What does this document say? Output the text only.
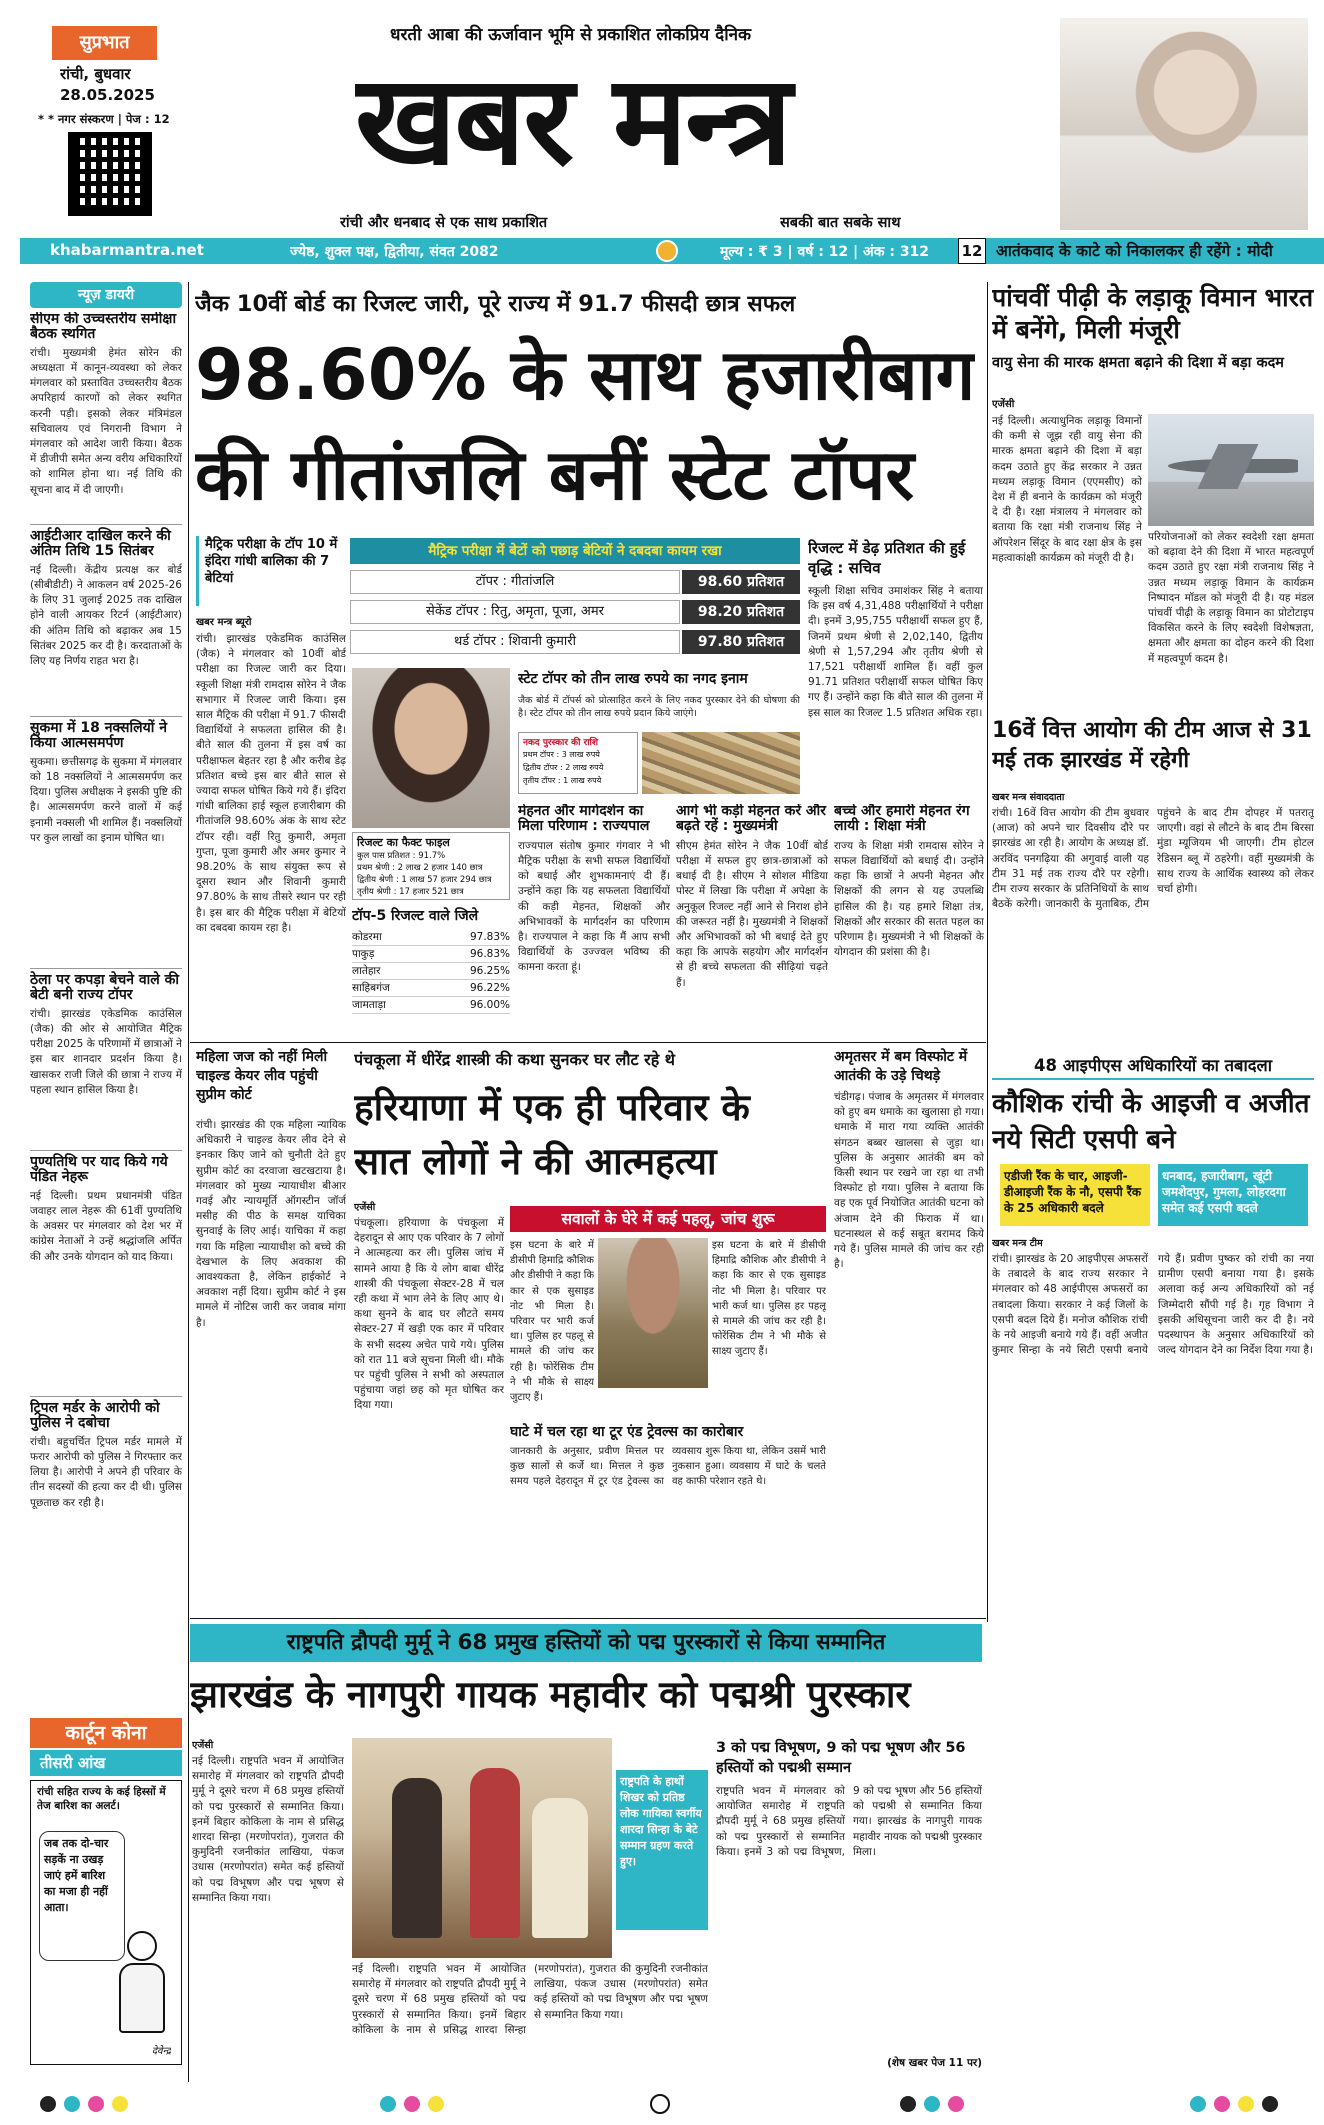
सुप्रभात
रांची, बुधवार
28.05.2025
* * नगर संस्करण | पेज : 12
धरती आबा की ऊर्जावान भूमि से प्रकाशित लोकप्रिय दैनिक
खबर मन्त्र
रांची और धनबाद से एक साथ प्रकाशित	सबकी बात सबके साथ
khabarmantra.net	ज्येष्ठ, शुक्ल पक्ष, द्वितीया, संवत 2082	मूल्य : ₹ 3 | वर्ष : 12 | अंक : 312	12 आतंकवाद के काटे को निकालकर ही रहेंगे : मोदी
न्यूज़ डायरी
सीएम की उच्चस्तरीय समीक्षा बैठक स्थगित
रांची। मुख्यमंत्री हेमंत सोरेन की अध्यक्षता में कानून-व्यवस्था को लेकर मंगलवार को प्रस्तावित उच्चस्तरीय बैठक अपरिहार्य कारणों को लेकर स्थगित करनी पड़ी। इसको लेकर मंत्रिमंडल सचिवालय एवं निगरानी विभाग ने मंगलवार को आदेश जारी किया। बैठक में डीजीपी समेत अन्य वरीय अधिकारियों को शामिल होना था। नई तिथि की सूचना बाद में दी जाएगी।
आईटीआर दाखिल करने की अंतिम तिथि 15 सितंबर
नई दिल्ली। केंद्रीय प्रत्यक्ष कर बोर्ड (सीबीडीटी) ने आकलन वर्ष 2025-26 के लिए 31 जुलाई 2025 तक दाखिल होने वाली आयकर रिटर्न (आईटीआर) की अंतिम तिथि को बढ़ाकर अब 15 सितंबर 2025 कर दी है। करदाताओं के लिए यह निर्णय राहत भरा है।
सुकमा में 18 नक्सलियों ने किया आत्मसमर्पण
सुकमा। छत्तीसगढ़ के सुकमा में मंगलवार को 18 नक्सलियों ने आत्मसमर्पण कर दिया। पुलिस अधीक्षक ने इसकी पुष्टि की है। आत्मसमर्पण करने वालों में कई इनामी नक्सली भी शामिल हैं। नक्सलियों पर कुल लाखों का इनाम घोषित था।
ठेला पर कपड़ा बेचने वाले की बेटी बनी राज्य टॉपर
रांची। झारखंड एकेडमिक काउंसिल (जैक) की ओर से आयोजित मैट्रिक परीक्षा 2025 के परिणामों में छात्राओं ने इस बार शानदार प्रदर्शन किया है। खासकर राजी जिले की छात्रा ने राज्य में पहला स्थान हासिल किया है।
पुण्यतिथि पर याद किये गये पंडित नेहरू
नई दिल्ली। प्रथम प्रधानमंत्री पंडित जवाहर लाल नेहरू की 61वीं पुण्यतिथि के अवसर पर मंगलवार को देश भर में कांग्रेस नेताओं ने उन्हें श्रद्धांजलि अर्पित की और उनके योगदान को याद किया।
ट्रिपल मर्डर के आरोपी को पुलिस ने दबोचा
रांची। बहुचर्चित ट्रिपल मर्डर मामले में फरार आरोपी को पुलिस ने गिरफ्तार कर लिया है। आरोपी ने अपने ही परिवार के तीन सदस्यों की हत्या कर दी थी। पुलिस पूछताछ कर रही है।
कार्टून कोना
तीसरी आंख
रांची सहित राज्य के कई हिस्सों में तेज बारिश का अलर्ट।
जब तक दो-चार सड़कें ना उखड़ जाएं हमें बारिश का मजा ही नहीं आता।
देवेन्द्र
जैक 10वीं बोर्ड का रिजल्ट जारी, पूरे राज्य में 91.7 फीसदी छात्र सफल
98.60% के साथ हजारीबाग
की गीतांजलि बनीं स्टेट टॉपर
मैट्रिक परीक्षा के टॉप 10 में इंदिरा गांधी बालिका की 7 बेटियां
खबर मन्त्र ब्यूरो
रांची। झारखंड एकेडमिक काउंसिल (जैक) ने मंगलवार को 10वीं बोर्ड परीक्षा का रिजल्ट जारी कर दिया। स्कूली शिक्षा मंत्री रामदास सोरेन ने जैक सभागार में रिजल्ट जारी किया। इस साल मैट्रिक की परीक्षा में 91.7 फीसदी विद्यार्थियों ने सफलता हासिल की है। बीते साल की तुलना में इस वर्ष का परीक्षाफल बेहतर रहा है और करीब डेढ़ प्रतिशत बच्चे इस बार बीते साल से ज्यादा सफल घोषित किये गये हैं। इंदिरा गांधी बालिका हाई स्कूल हजारीबाग की गीतांजलि 98.60% अंक के साथ स्टेट टॉपर रही। वहीं रितु कुमारी, अमृता गुप्ता, पूजा कुमारी और अमर कुमार ने 98.20% के साथ संयुक्त रूप से दूसरा स्थान और शिवानी कुमारी 97.80% के साथ तीसरे स्थान पर रही है। इस बार की मैट्रिक परीक्षा में बेटियों का दबदबा कायम रहा है।
मैट्रिक परीक्षा में बेटों को पछाड़ बेटियों ने दबदबा कायम रखा
टॉपर : गीतांजलि	98.60 प्रतिशत
सेकेंड टॉपर : रितु, अमृता, पूजा, अमर	98.20 प्रतिशत
थर्ड टॉपर : शिवानी कुमारी	97.80 प्रतिशत
रिजल्ट का फैक्ट फाइल
कुल पास प्रतिशत : 91.7%
प्रथम श्रेणी : 2 लाख 2 हजार 140 छात्र
द्वितीय श्रेणी : 1 लाख 57 हजार 294 छात्र
तृतीय श्रेणी : 17 हजार 521 छात्र
टॉप-5 रिजल्ट वाले जिले
कोडरमा	97.83%
पाकुड़	96.83%
लातेहार	96.25%
साहिबगंज	96.22%
जामताड़ा	96.00%
स्टेट टॉपर को तीन लाख रुपये का नगद इनाम
जैक बोर्ड में टॉपर्स को प्रोत्साहित करने के लिए नकद पुरस्कार देने की घोषणा की है। स्टेट टॉपर को तीन लाख रुपये प्रदान किये जाएंगे।
नकद पुरस्कार की राशि
प्रथम टॉपर : 3 लाख रुपये
द्वितीय टॉपर : 2 लाख रुपये
तृतीय टॉपर : 1 लाख रुपये
रिजल्ट में डेढ़ प्रतिशत की हुई वृद्धि : सचिव
स्कूली शिक्षा सचिव उमाशंकर सिंह ने बताया कि इस वर्ष 4,31,488 परीक्षार्थियों ने परीक्षा दी। इनमें 3,95,755 परीक्षार्थी सफल हुए हैं, जिनमें प्रथम श्रेणी से 2,02,140, द्वितीय श्रेणी से 1,57,294 और तृतीय श्रेणी से 17,521 परीक्षार्थी शामिल हैं। वहीं कुल 91.71 प्रतिशत परीक्षार्थी सफल घोषित किए गए हैं। उन्होंने कहा कि बीते साल की तुलना में इस साल का रिजल्ट 1.5 प्रतिशत अधिक रहा।
मेहनत और मार्गदर्शन का मिला परिणाम : राज्यपाल
राज्यपाल संतोष कुमार गंगवार ने भी मैट्रिक परीक्षा के सभी सफल विद्यार्थियों को बधाई और शुभकामनाएं दी हैं। उन्होंने कहा कि यह सफलता विद्यार्थियों की कड़ी मेहनत, शिक्षकों और अभिभावकों के मार्गदर्शन का परिणाम है। राज्यपाल ने कहा कि मैं आप सभी विद्यार्थियों के उज्ज्वल भविष्य की कामना करता हूं।
आगे भी कड़ी मेहनत करें और बढ़ते रहें : मुख्यमंत्री
सीएम हेमंत सोरेन ने जैक 10वीं बोर्ड परीक्षा में सफल हुए छात्र-छात्राओं को बधाई दी है। सीएम ने सोशल मीडिया पोस्ट में लिखा कि परीक्षा में अपेक्षा के अनुकूल रिजल्ट नहीं आने से निराश होने की जरूरत नहीं है। मुख्यमंत्री ने शिक्षकों और अभिभावकों को भी बधाई देते हुए कहा कि आपके सहयोग और मार्गदर्शन से ही बच्चे सफलता की सीढ़ियां चढ़ते हैं।
बच्चे और हमारी मेहनत रंग लायी : शिक्षा मंत्री
राज्य के शिक्षा मंत्री रामदास सोरेन ने सफल विद्यार्थियों को बधाई दी। उन्होंने कहा कि छात्रों ने अपनी मेहनत और शिक्षकों की लगन से यह उपलब्धि हासिल की है। यह हमारे शिक्षा तंत्र, शिक्षकों और सरकार की सतत पहल का परिणाम है। मुख्यमंत्री ने भी शिक्षकों के योगदान की प्रशंसा की है।
पांचवीं पीढ़ी के लड़ाकू विमान भारत में बनेंगे, मिली मंजूरी
वायु सेना की मारक क्षमता बढ़ाने की दिशा में बड़ा कदम
एजेंसी
नई दिल्ली। अत्याधुनिक लड़ाकू विमानों की कमी से जूझ रही वायु सेना की मारक क्षमता बढ़ाने की दिशा में बड़ा कदम उठाते हुए केंद्र सरकार ने उन्नत मध्यम लड़ाकू विमान (एएमसीए) को देश में ही बनाने के कार्यक्रम को मंजूरी दे दी है। रक्षा मंत्रालय ने मंगलवार को बताया कि रक्षा मंत्री राजनाथ सिंह ने ऑपरेशन सिंदूर के बाद रक्षा क्षेत्र के इस महत्वाकांक्षी कार्यक्रम को मंजूरी दी है।
परियोजनाओं को लेकर स्वदेशी रक्षा क्षमता को बढ़ावा देने की दिशा में भारत महत्वपूर्ण कदम उठाते हुए रक्षा मंत्री राजनाथ सिंह ने उन्नत मध्यम लड़ाकू विमान के कार्यक्रम निष्पादन मॉडल को मंजूरी दी है। यह मंडल पांचवीं पीढ़ी के लड़ाकू विमान का प्रोटोटाइप विकसित करने के लिए स्वदेशी विशेषज्ञता, क्षमता और क्षमता का दोहन करने की दिशा में महत्वपूर्ण कदम है।
16वें वित्त आयोग की टीम आज से 31 मई तक झारखंड में रहेगी
खबर मन्त्र संवाददाता
रांची। 16वें वित्त आयोग की टीम बुधवार (आज) को अपने चार दिवसीय दौरे पर झारखंड आ रही है। आयोग के अध्यक्ष डॉ. अरविंद पनगढ़िया की अगुवाई वाली यह टीम 31 मई तक राज्य दौरे पर रहेगी। टीम राज्य सरकार के प्रतिनिधियों के साथ बैठकें करेगी। जानकारी के मुताबिक, टीम पहुंचने के बाद टीम दोपहर में पतरातू जाएगी। वहां से लौटने के बाद टीम बिरसा मुंडा म्यूजियम भी जाएगी। टीम होटल रेडिसन ब्लू में ठहरेगी। वहीं मुख्यमंत्री के साथ राज्य के आर्थिक स्वास्थ्य को लेकर चर्चा होगी।
महिला जज को नहीं मिली चाइल्ड केयर लीव पहुंची सुप्रीम कोर्ट
रांची। झारखंड की एक महिला न्यायिक अधिकारी ने चाइल्ड केयर लीव देने से इनकार किए जाने को चुनौती देते हुए सुप्रीम कोर्ट का दरवाजा खटखटाया है। मंगलवार को मुख्य न्यायाधीश बीआर गवई और न्यायमूर्ति ऑगस्टीन जॉर्ज मसीह की पीठ के समक्ष याचिका सुनवाई के लिए आई। याचिका में कहा गया कि महिला न्यायाधीश को बच्चे की देखभाल के लिए अवकाश की आवश्यकता है, लेकिन हाईकोर्ट ने अवकाश नहीं दिया। सुप्रीम कोर्ट ने इस मामले में नोटिस जारी कर जवाब मांगा है।
पंचकूला में धीरेंद्र शास्त्री की कथा सुनकर घर लौट रहे थे
हरियाणा में एक ही परिवार के
सात लोगों ने की आत्महत्या
एजेंसी
पंचकूला। हरियाणा के पंचकूला में देहरादून से आए एक परिवार के 7 लोगों ने आत्महत्या कर ली। पुलिस जांच में सामने आया है कि ये लोग बाबा धीरेंद्र शास्त्री की पंचकूला सेक्टर-28 में चल रही कथा में भाग लेने के लिए आए थे। कथा सुनने के बाद घर लौटते समय सेक्टर-27 में खड़ी एक कार में परिवार के सभी सदस्य अचेत पाये गये। पुलिस को रात 11 बजे सूचना मिली थी। मौके पर पहुंची पुलिस ने सभी को अस्पताल पहुंचाया जहां छह को मृत घोषित कर दिया गया।
सवालों के घेरे में कई पहलू, जांच शुरू
इस घटना के बारे में डीसीपी हिमाद्रि कौशिक और डीसीपी ने कहा कि कार से एक सुसाइड नोट भी मिला है। परिवार पर भारी कर्ज था। पुलिस हर पहलू से मामले की जांच कर रही है। फोरेंसिक टीम ने भी मौके से साक्ष्य जुटाए हैं।
इस घटना के बारे में डीसीपी हिमाद्रि कौशिक और डीसीपी ने कहा कि कार से एक सुसाइड नोट भी मिला है। परिवार पर भारी कर्ज था। पुलिस हर पहलू से मामले की जांच कर रही है। फोरेंसिक टीम ने भी मौके से साक्ष्य जुटाए हैं।
घाटे में चल रहा था टूर एंड ट्रेवल्स का कारोबार
जानकारी के अनुसार, प्रवीण मित्तल पर कुछ सालों से कर्जे था। मित्तल ने कुछ समय पहले देहरादून में टूर एंड ट्रेवल्स का व्यवसाय शुरू किया था, लेकिन उसमें भारी नुकसान हुआ। व्यवसाय में घाटे के चलते वह काफी परेशान रहते थे।
अमृतसर में बम विस्फोट में आतंकी के उड़े चिथड़े
चंडीगढ़। पंजाब के अमृतसर में मंगलवार को हुए बम धमाके का खुलासा हो गया। धमाके में मारा गया व्यक्ति आतंकी संगठन बब्बर खालसा से जुड़ा था। पुलिस के अनुसार आतंकी बम को किसी स्थान पर रखने जा रहा था तभी विस्फोट हो गया। पुलिस ने बताया कि वह एक पूर्व नियोजित आतंकी घटना को अंजाम देने की फिराक में था। घटनास्थल से कई सबूत बरामद किये गये हैं। पुलिस मामले की जांच कर रही है।
48 आइपीएस अधिकारियों का तबादला
कौशिक रांची के आइजी व अजीत नये सिटी एसपी बने
एडीजी रैंक के चार, आइजी-डीआइजी रैंक के नौ, एसपी रैंक के 25 अधिकारी बदले
धनबाद, हजारीबाग, खूंटी जमशेदपुर, गुमला, लोहरदगा समेत कई एसपी बदले
खबर मन्त्र टीम
रांची। झारखंड के 20 आइपीएस अफसरों के तबादले के बाद राज्य सरकार ने मंगलवार को 48 आईपीएस अफसरों का तबादला किया। सरकार ने कई जिलों के एसपी बदल दिये हैं। मनोज कौशिक रांची के नये आइजी बनाये गये हैं। वहीं अजीत कुमार सिन्हा के नये सिटी एसपी बनाये गये हैं। प्रवीण पुष्कर को रांची का नया ग्रामीण एसपी बनाया गया है। इसके अलावा कई अन्य अधिकारियों को नई जिम्मेदारी सौंपी गई है। गृह विभाग ने इसकी अधिसूचना जारी कर दी है। नये पदस्थापन के अनुसार अधिकारियों को जल्द योगदान देने का निर्देश दिया गया है।
राष्ट्रपति द्रौपदी मुर्मू ने 68 प्रमुख हस्तियों को पद्म पुरस्कारों से किया सम्मानित
झारखंड के नागपुरी गायक महावीर को पद्मश्री पुरस्कार
एजेंसी
नई दिल्ली। राष्ट्रपति भवन में आयोजित समारोह में मंगलवार को राष्ट्रपति द्रौपदी मुर्मू ने दूसरे चरण में 68 प्रमुख हस्तियों को पद्म पुरस्कारों से सम्मानित किया। इनमें बिहार कोकिला के नाम से प्रसिद्ध शारदा सिन्हा (मरणोपरांत), गुजरात की कुमुदिनी रजनीकांत लाखिया, पंकज उधास (मरणोपरांत) समेत कई हस्तियों को पद्म विभूषण और पद्म भूषण से सम्मानित किया गया।
राष्ट्रपति के हाथों शिखर को प्रतिष्ठ लोक गायिका स्वर्गीय शारदा सिन्हा के बेटे सम्मान ग्रहण करते हुए।
नई दिल्ली। राष्ट्रपति भवन में आयोजित समारोह में मंगलवार को राष्ट्रपति द्रौपदी मुर्मू ने दूसरे चरण में 68 प्रमुख हस्तियों को पद्म पुरस्कारों से सम्मानित किया। इनमें बिहार कोकिला के नाम से प्रसिद्ध शारदा सिन्हा (मरणोपरांत), गुजरात की कुमुदिनी रजनीकांत लाखिया, पंकज उधास (मरणोपरांत) समेत कई हस्तियों को पद्म विभूषण और पद्म भूषण से सम्मानित किया गया।
3 को पद्म विभूषण, 9 को पद्म भूषण और 56 हस्तियों को पद्मश्री सम्मान
राष्ट्रपति भवन में मंगलवार को आयोजित समारोह में राष्ट्रपति द्रौपदी मुर्मू ने 68 प्रमुख हस्तियों को पद्म पुरस्कारों से सम्मानित किया। इनमें 3 को पद्म विभूषण, 9 को पद्म भूषण और 56 हस्तियों को पद्मश्री से सम्मानित किया गया। झारखंड के नागपुरी गायक महावीर नायक को पद्मश्री पुरस्कार मिला।
(शेष खबर पेज 11 पर)
